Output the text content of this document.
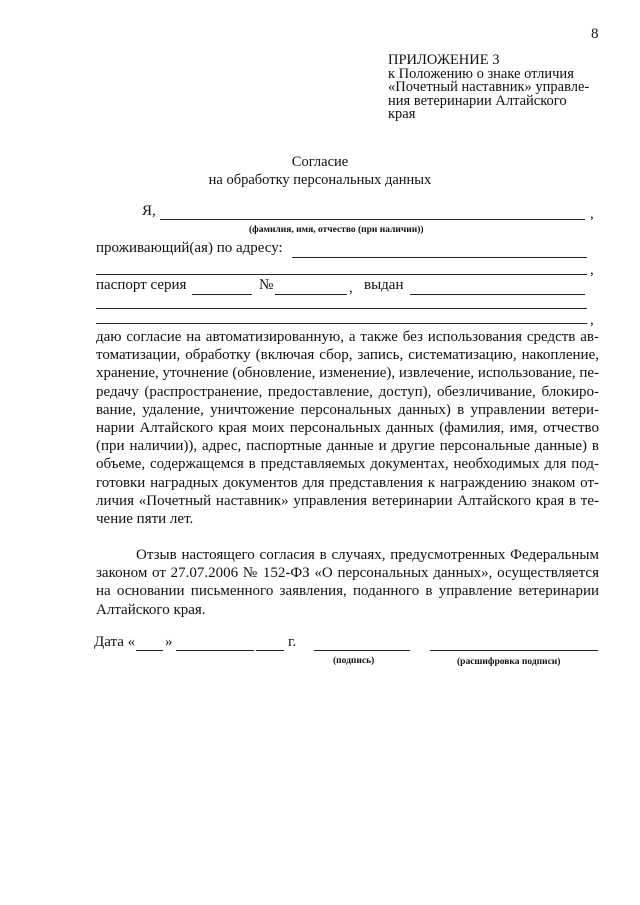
8
ПРИЛОЖЕНИЕ 3
к Положению о знаке отличия
«Почетный наставник» управле-
ния ветеринарии Алтайского
края
Согласие
на обработку персональных данных
Я,	,
(фамилия, имя, отчество (при наличии))
проживающий(ая) по адресу:
,
паспорт серия	№	, выдан
,
даю согласие на автоматизированную, а также без использования средств ав-
томатизации, обработку (включая сбор, запись, систематизацию, накопление,
хранение, уточнение (обновление, изменение), извлечение, использование, пе-
редачу (распространение, предоставление, доступ), обезличивание, блокиро-
вание, удаление, уничтожение персональных данных) в управлении ветери-
нарии Алтайского края моих персональных данных (фамилия, имя, отчество
(при наличии)), адрес, паспортные данные и другие персональные данные) в
объеме, содержащемся в представляемых документах, необходимых для под-
готовки наградных документов для представления к награждению знаком от-
личия «Почетный наставник» управления ветеринарии Алтайского края в те-
чение пяти лет.
Отзыв настоящего согласия в случаях, предусмотренных Федеральным
законом от 27.07.2006 № 152-ФЗ «О персональных данных», осуществляется
на основании письменного заявления, поданного в управление ветеринарии
Алтайского края.
Дата « »	г.
(подпись)	(расшифровка подписи)
